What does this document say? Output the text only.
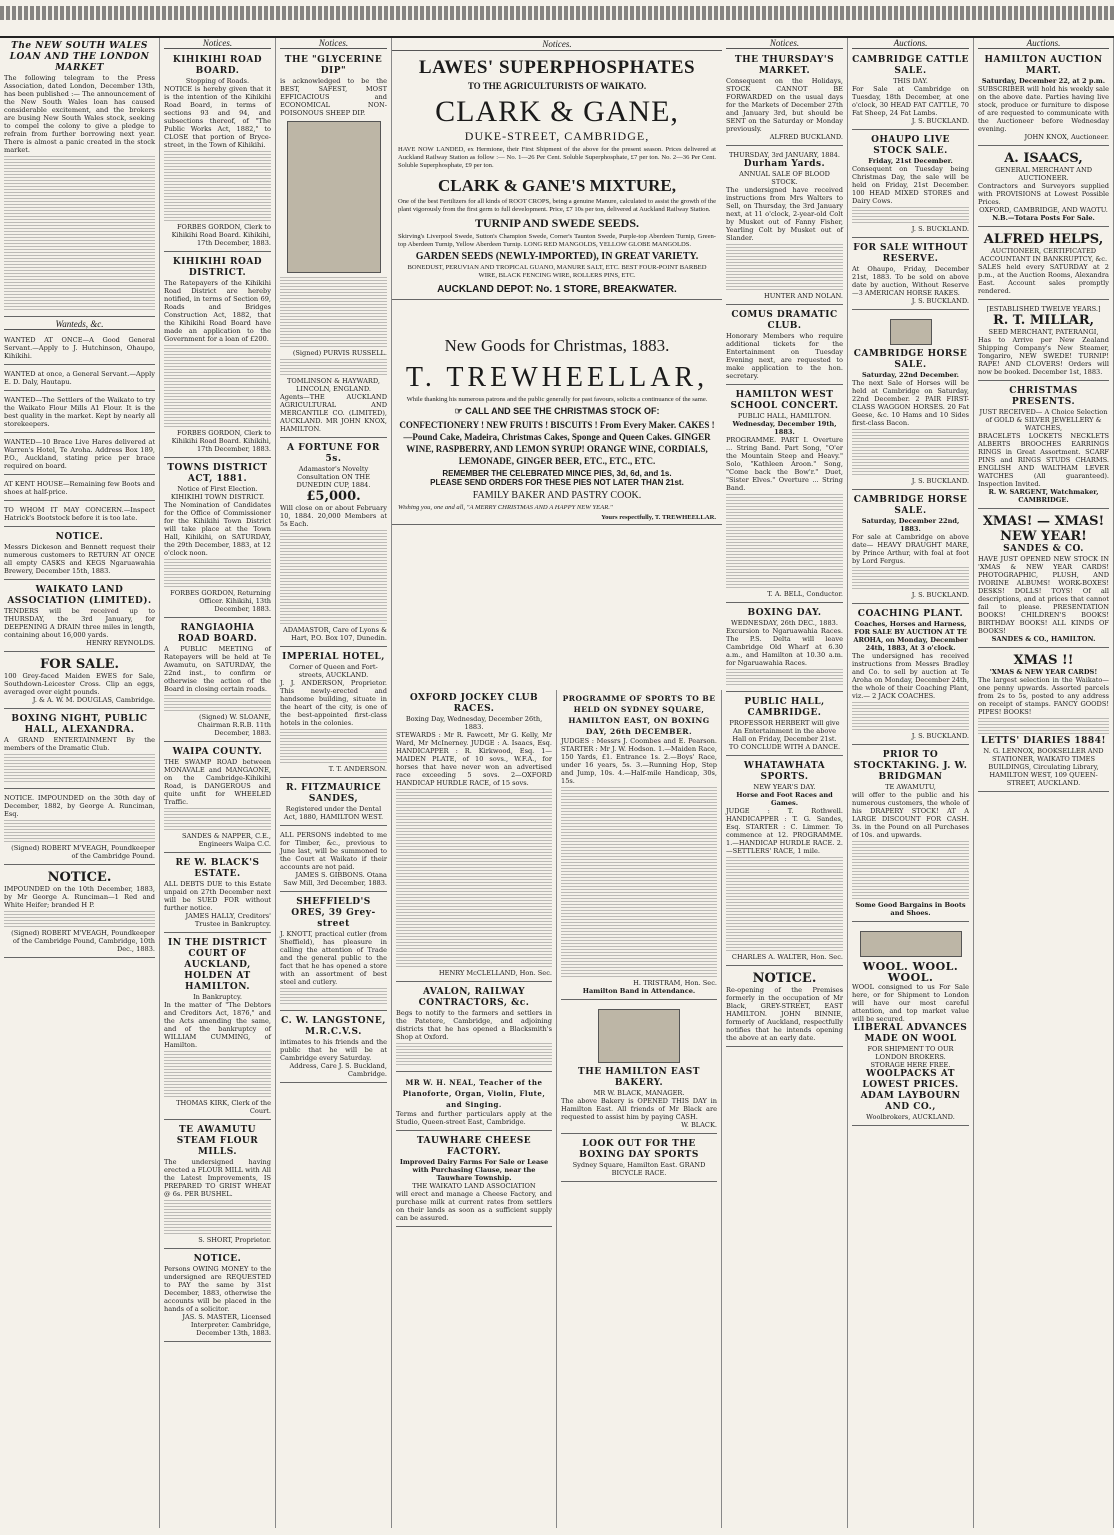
The NEW SOUTH WALES LOAN AND THE LONDON MARKET
The following telegram to the Press Association, dated London, December 13th, has been published :— The announcement of the New South Wales loan has caused considerable excitement, and the brokers are busing New South Wales stock, seeking to compel the colony to give a pledge to refrain from further borrowing next year. There is almost a panic created in the stock market.
Wanteds, &c.
WANTED AT ONCE—A Good General Servant.—Apply to J. Hutchinson, Ohaupo, Kihikihi.
WANTED at once, a General Servant.—Apply E. D. Daly, Hautapu.
WANTED—The Settlers of the Waikato to try the Waikato Flour Mills A1 Flour. It is the best quality in the market. Kept by nearly all storekeepers.
WANTED—10 Brace Live Hares delivered at Warren's Hotel, Te Aroha. Address Box 189, P.O., Auckland, stating price per brace required on board.
AT KENT HOUSE—Remaining few Boots and shoes at half-price.
TO WHOM IT MAY CONCERN.—Inspect Hatrick's Bootstock before it is too late.
NOTICE.
Messrs Dickeson and Bennett request their numerous customers to RETURN AT ONCE all empty CASKS and KEGS Ngaruawahia Brewery, December 15th, 1883.
WAIKATO LAND ASSOCIATION (LIMITED).
TENDERS will be received up to THURSDAY, the 3rd January, for DEEPENING A DRAIN three miles in length, containing about 16,000 yards.
HENRY REYNOLDS.
FOR SALE.
100 Grey-faced Maiden EWES for Sale, Southdown-Leicester Cross. Clip an eggs, averaged over eight pounds.
J. & A. W. M. DOUGLAS, Cambridge.
BOXING NIGHT, PUBLIC HALL, ALEXANDRA.
A GRAND ENTERTAINMENT By the members of the Dramatic Club.
NOTICE. IMPOUNDED on the 30th day of December, 1882, by George A. Runciman, Esq.
(Signed) ROBERT M'VEAGH, Poundkeeper of the Cambridge Pound.
NOTICE.
IMPOUNDED on the 10th December, 1883, by Mr George A. Runciman—1 Red and White Heifer; branded H P.
(Signed) ROBERT M'VEAGH, Poundkeeper of the Cambridge Pound, Cambridge, 10th Dec., 1883.
Notices.
KIHIKIHI ROAD BOARD.
Stopping of Roads.
NOTICE is hereby given that it is the intention of the Kihikihi Road Board, in terms of sections 93 and 94, and subsections thereof, of "The Public Works Act, 1882," to CLOSE that portion of Bryce-street, in the Town of Kihikihi.
FORBES GORDON, Clerk to Kihikihi Road Board. Kihikihi, 17th December, 1883.
KIHIKIHI ROAD DISTRICT.
The Ratepayers of the Kihikihi Road District are hereby notified, in terms of Section 69, Roads and Bridges Construction Act, 1882, that the Kihikihi Road Board have made an application to the Government for a loan of £200.
FORBES GORDON, Clerk to Kihikihi Road Board. Kihikihi, 17th December, 1883.
TOWNS DISTRICT ACT, 1881.
Notice of First Election.
KIHIKIHI TOWN DISTRICT.
The Nomination of Candidates for the Office of Commissioner for the Kihikihi Town District will take place at the Town Hall, Kihikihi, on SATURDAY, the 29th December, 1883, at 12 o'clock noon.
FORBES GORDON, Returning Officer. Kihikihi, 13th December, 1883.
RANGIAOHIA ROAD BOARD.
A PUBLIC MEETING of Ratepayers will be held at Te Awamutu, on SATURDAY, the 22nd inst., to confirm or otherwise the action of the Board in closing certain roads.
(Signed) W. SLOANE, Chairman R.R.B. 11th December, 1883.
WAIPA COUNTY.
THE SWAMP ROAD between MONAVALE and MANGAONE, on the Cambridge-Kihikihi Road, is DANGEROUS and quite unfit for WHEELED Traffic.
SANDES & NAPPER, C.E., Engineers Waipa C.C.
RE W. BLACK'S ESTATE.
ALL DEBTS DUE to this Estate unpaid on 27th December next will be SUED FOR without further notice.
JAMES HALLY, Creditors' Trustee in Bankruptcy.
IN THE DISTRICT COURT OF AUCKLAND, HOLDEN AT HAMILTON.
In Bankruptcy.
In the matter of "The Debtors and Creditors Act, 1876," and the Acts amending the same, and of the bankruptcy of WILLIAM CUMMING, of Hamilton.
THOMAS KIRK, Clerk of the Court.
TE AWAMUTU STEAM FLOUR MILLS.
The undersigned having erected a FLOUR MILL with All the Latest Improvements, IS PREPARED TO GRIST WHEAT @ 6s. PER BUSHEL.
S. SHORT, Proprietor.
NOTICE.
Persons OWING MONEY to the undersigned are REQUESTED to PAY the same by 31st December, 1883, otherwise the accounts will be placed in the hands of a solicitor.
JAS. S. MASTER, Licensed Interpreter. Cambridge, December 13th, 1883.
Notices.
THE "GLYCERINE DIP"
is acknowledged to be the BEST, SAFEST, MOST EFFICACIOUS and ECONOMICAL NON-POISONOUS SHEEP DIP.
(Signed) PURVIS RUSSELL.
TOMLINSON & HAYWARD, LINCOLN, ENGLAND.
Agents—THE AUCKLAND AGRICULTURAL AND MERCANTILE CO. (LIMITED), AUCKLAND. MR JOHN KNOX, HAMILTON.
A FORTUNE FOR 5s.
Adamastor's Novelty Consultation ON THE DUNEDIN CUP, 1884.
£5,000.
Will close on or about February 10, 1884. 20,000 Members at 5s Each.
ADAMASTOR, Care of Lyons & Hart, P.O. Box 107, Dunedin.
IMPERIAL HOTEL,
Corner of Queen and Fort-streets, AUCKLAND.
J. J. ANDERSON, Proprietor. This newly-erected and handsome building, situate in the heart of the city, is one of the best-appointed first-class hotels in the colonies.
T. T. ANDERSON.
R. FITZMAURICE SANDES,
Registered under the Dental Act, 1880, HAMILTON WEST.
ALL PERSONS indebted to me for Timber, &c., previous to June last, will be summoned to the Court at Waikato if their accounts are not paid.
JAMES S. GIBBONS. Otana Saw Mill, 3rd December, 1883.
SHEFFIELD'S ORES, 39 Grey-street
J. KNOTT, practical cutler (from Sheffield), has pleasure in calling the attention of Trade and the general public to the fact that he has opened a store with an assortment of best steel and cutlery.
C. W. LANGSTONE, M.R.C.V.S.
intimates to his friends and the public that he will be at Cambridge every Saturday.
Address, Care J. S. Buckland, Cambridge.
Notices.
LAWES' SUPERPHOSPHATES
TO THE AGRICULTURISTS OF WAIKATO.
CLARK & GANE,
DUKE-STREET, CAMBRIDGE,

HAVE NOW LANDED, ex Hermione, their First Shipment of the above for the present season. Prices delivered at Auckland Railway Station as follow :— No. 1—26 Per Cent. Soluble Superphosphate, £7 per ton. No. 2—36 Per Cent. Soluble Superphosphate, £9 per ton.

CLARK & GANE'S MIXTURE,

One of the best Fertilizers for all kinds of ROOT CROPS, being a genuine Manure, calculated to assist the growth of the plant vigorously from the first germ to full development. Price, £7 10s per ton, delivered at Auckland Railway Station.

TURNIP AND SWEDE SEEDS.

Skirving's Liverpool Swede, Sutton's Champion Swede, Corner's Taunton Swede, Purple-top Aberdeen Turnip, Green-top Aberdeen Turnip, Yellow Aberdeen Turnip. LONG RED MANGOLDS, YELLOW GLOBE MANGOLDS.

GARDEN SEEDS (NEWLY-IMPORTED), IN GREAT VARIETY.

BONEDUST, PERUVIAN AND TROPICAL GUANO, MANURE SALT, ETC. BEST FOUR-POINT BARBED WIRE, BLACK FENCING WIRE, ROLLERS PINS, ETC.

AUCKLAND DEPOT: No. 1 STORE, BREAKWATER.
New Goods for Christmas, 1883.
T. TREWHEELLAR,

While thanking his numerous patrons and the public generally for past favours, solicits a continuance of the same.

☞ CALL AND SEE THE CHRISTMAS STOCK OF:

CONFECTIONERY ! NEW FRUITS ! BISCUITS ! From Every Maker. CAKES !—Pound Cake, Madeira, Christmas Cakes, Sponge and Queen Cakes. GINGER WINE, RASPBERRY, AND LEMON SYRUP! ORANGE WINE, CORDIALS, LEMONADE, GINGER BEER, ETC., ETC., ETC.

REMEMBER THE CELEBRATED MINCE PIES, 3d, 6d, and 1s.
PLEASE SEND ORDERS FOR THESE PIES NOT LATER THAN 21st.
FAMILY BAKER AND PASTRY COOK.

Wishing you, one and all, "A MERRY CHRISTMAS AND A HAPPY NEW YEAR."

Yours respectfully, T. TREWHEELLAR.

OXFORD JOCKEY CLUB RACES.
Boxing Day, Wednesday, December 26th, 1883.
STEWARDS : Mr R. Fawcett, Mr G. Kelly, Mr Ward, Mr McInerney. JUDGE : A. Isaacs, Esq. HANDICAPPER : R. Kirkwood, Esq. 1—MAIDEN PLATE, of 10 sovs., W.F.A., for horses that have never won an advertised race exceeding 5 sovs. 2—OXFORD HANDICAP HURDLE RACE, of 15 sovs.
HENRY McCLELLAND, Hon. Sec.
AVALON, RAILWAY CONTRACTORS, &c.
Begs to notify to the farmers and settlers in the Patetere, Cambridge, and adjoining districts that he has opened a Blacksmith's Shop at Oxford.
MR W. H. NEAL, Teacher of the Pianoforte, Organ, Violin, Flute, and Singing.
Terms and further particulars apply at the Studio, Queen-street East, Cambridge.
TAUWHARE CHEESE FACTORY.
Improved Dairy Farms For Sale or Lease with Purchasing Clause, near the Tauwhare Township.
THE WAIKATO LAND ASSOCIATION
will erect and manage a Cheese Factory, and purchase milk at current rates from settlers on their lands as soon as a sufficient supply can be assured.
PROGRAMME OF SPORTS TO BE HELD ON SYDNEY SQUARE, HAMILTON EAST, ON BOXING DAY, 26th DECEMBER.
JUDGES : Messrs J. Coombes and E. Pearson. STARTER : Mr J. W. Hodson. 1.—Maiden Race, 150 Yards, £1. Entrance 1s. 2.—Boys' Race, under 16 years, 5s. 3.—Running Hop, Step and Jump, 10s. 4.—Half-mile Handicap, 30s, 15s.
H. TRISTRAM, Hon. Sec.
Hamilton Band in Attendance.
THE HAMILTON EAST BAKERY.
MR W. BLACK, MANAGER.
The above Bakery is OPENED THIS DAY in Hamilton East. All friends of Mr Black are requested to assist him by paying CASH.
W. BLACK.
LOOK OUT FOR THE BOXING DAY SPORTS
Sydney Square, Hamilton East. GRAND BICYCLE RACE.
Notices.
THE THURSDAY'S MARKET.
Consequent on the Holidays, STOCK CANNOT BE FORWARDED on the usual days for the Markets of December 27th and January 3rd, but should be SENT on the Saturday or Monday previously.
ALFRED BUCKLAND.
THURSDAY, 3rd JANUARY, 1884.
Durham Yards.
ANNUAL SALE OF BLOOD STOCK.
The undersigned have received instructions from Mrs Walters to Sell, on Thursday, the 3rd January next, at 11 o'clock, 2-year-old Colt by Musket out of Fanny Fisher, Yearling Colt by Musket out of Slander.
HUNTER AND NOLAN.
COMUS DRAMATIC CLUB.
Honorary Members who require additional tickets for the Entertainment on Tuesday Evening next, are requested to make application to the hon. secretary.
HAMILTON WEST SCHOOL CONCERT.
PUBLIC HALL, HAMILTON.
Wednesday, December 19th, 1883.
PROGRAMME. PART I. Overture ... String Band. Part Song, "O'er the Mountain Steep and Heavy." Solo, "Kathleen Aroon." Song, "Come back the Bow'r." Duet, "Sister Elves." Overture ... String Band.
T. A. BELL, Conductor.
BOXING DAY.
WEDNESDAY, 26th DEC., 1883.
Excursion to Ngaruawahia Races. The P.S. Delta will leave Cambridge Old Wharf at 6.30 a.m., and Hamilton at 10.30 a.m. for Ngaruawahia Races.
PUBLIC HALL, CAMBRIDGE.
PROFESSOR HERBERT will give An Entertainment in the above Hall on Friday, December 21st.
TO CONCLUDE WITH A DANCE.
WHATAWHATA SPORTS.
NEW YEAR'S DAY.
Horse and Foot Races and Games.
JUDGE : T. Rothwell. HANDICAPPER : T. G. Sandes, Esq. STARTER : C. Limmer. To commence at 12. PROGRAMME. 1.—HANDICAP HURDLE RACE. 2.—SETTLERS' RACE, 1 mile.
CHARLES A. WALTER, Hon. Sec.
NOTICE.
Re-opening of the Premises formerly in the occupation of Mr Black, GREY-STREET, EAST HAMILTON. JOHN BINNIE, formerly of Auckland, respectfully notifies that he intends opening the above at an early date.
Auctions.
CAMBRIDGE CATTLE SALE.
THIS DAY.
For Sale at Cambridge on Tuesday, 18th December, at one o'clock, 30 HEAD FAT CATTLE, 70 Fat Sheep, 24 Fat Lambs.
J. S. BUCKLAND.
OHAUPO LIVE STOCK SALE.
Friday, 21st December.
Consequent on Tuesday being Christmas Day, the sale will be held on Friday, 21st December. 100 HEAD MIXED STORES and Dairy Cows.
J. S. BUCKLAND.
FOR SALE WITHOUT RESERVE.
At Ohaupo, Friday, December 21st, 1883. To be sold on above date by auction, Without Reserve—3 AMERICAN HORSE RAKES.
J. S. BUCKLAND.
CAMBRIDGE HORSE SALE.
Saturday, 22nd December.
The next Sale of Horses will be held at Cambridge on Saturday, 22nd December. 2 PAIR FIRST-CLASS WAGGON HORSES. 20 Fat Geese, &c. 10 Hams and 10 Sides first-class Bacon.
J. S. BUCKLAND.
CAMBRIDGE HORSE SALE.
Saturday, December 22nd, 1883.
For sale at Cambridge on above date— HEAVY DRAUGHT MARE, by Prince Arthur, with foal at foot by Lord Fergus.
J. S. BUCKLAND.
COACHING PLANT.
Coaches, Horses and Harness, FOR SALE BY AUCTION AT TE AROHA, on Monday, December 24th, 1883, At 3 o'clock.
The undersigned has received instructions from Messrs Bradley and Co. to sell by auction at Te Aroha on Monday, December 24th, the whole of their Coaching Plant, viz.— 2 JACK COACHES.
J. S. BUCKLAND.
PRIOR TO STOCKTAKING. J. W. BRIDGMAN
TE AWAMUTU,
will offer to the public and his numerous customers, the whole of his DRAPERY STOCK! AT A LARGE DISCOUNT FOR CASH. 3s. in the Pound on all Purchases of 10s. and upwards.
Some Good Bargains in Boots and Shoes.
WOOL. WOOL. WOOL.
WOOL consigned to us For Sale here, or for Shipment to London will have our most careful attention, and top market value will be secured.
LIBERAL ADVANCES MADE ON WOOL
FOR SHIPMENT TO OUR LONDON BROKERS.
STORAGE HERE FREE.
WOOLPACKS AT LOWEST PRICES.
ADAM LAYBOURN AND CO.,
Woolbrokers, AUCKLAND.
Auctions.
HAMILTON AUCTION MART.
Saturday, December 22, at 2 p.m.
SUBSCRIBER will hold his weekly sale on the above date. Parties having live stock, produce or furniture to dispose of are requested to communicate with the Auctioneer before Wednesday evening.
JOHN KNOX, Auctioneer.
A. ISAACS,
GENERAL MERCHANT AND AUCTIONEER.
Contractors and Surveyors supplied with PROVISIONS at Lowest Possible Prices.
OXFORD, CAMBRIDGE, AND WAOTU.
N.B.—Totara Posts For Sale.
ALFRED HELPS,
AUCTIONEER, CERTIFICATED ACCOUNTANT IN BANKRUPTCY, &c.
SALES held every SATURDAY at 2 p.m., at the Auction Rooms, Alexandra East. Account sales promptly rendered.
[ESTABLISHED TWELVE YEARS.]
R. T. MILLAR,
SEED MERCHANT, PATERANGI,
Has to Arrive per New Zealand Shipping Company's New Steamer, Tongariro, NEW SWEDE! TURNIP! RAPE! AND CLOVERS! Orders will now be booked. December 1st, 1883.
CHRISTMAS PRESENTS.
JUST RECEIVED— A Choice Selection of GOLD & SILVER JEWELLERY & WATCHES,
BRACELETS LOCKETS NECKLETS ALBERTS BROOCHES EARRINGS RINGS in Great Assortment. SCARF PINS and RINGS STUDS CHARMS. ENGLISH AND WALTHAM LEVER WATCHES (All guaranteed). Inspection Invited.
R. W. SARGENT, Watchmaker, CAMBRIDGE.
XMAS! — XMAS! NEW YEAR!
SANDES & CO.
HAVE JUST OPENED NEW STOCK IN 'XMAS & NEW YEAR CARDS! PHOTOGRAPHIC, PLUSH, AND IVORINE ALBUMS! WORK-BOXES! DESKS! DOLLS! TOYS! Of all descriptions, and at prices that cannot fail to please. PRESENTATION BOOKS! CHILDREN'S BOOKS! BIRTHDAY BOOKS! ALL KINDS OF BOOKS!
SANDES & CO., HAMILTON.
XMAS !!
'XMAS & NEW YEAR CARDS!
The largest selection in the Waikato—one penny upwards. Assorted parcels from 2s to 5s, posted to any address on receipt of stamps. FANCY GOODS! PIPES! BOOKS!
LETTS' DIARIES 1884!
N. G. LENNOX, BOOKSELLER AND STATIONER, WAIKATO TIMES BUILDINGS, Circulating Library, HAMILTON WEST, 109 QUEEN-STREET, AUCKLAND.
